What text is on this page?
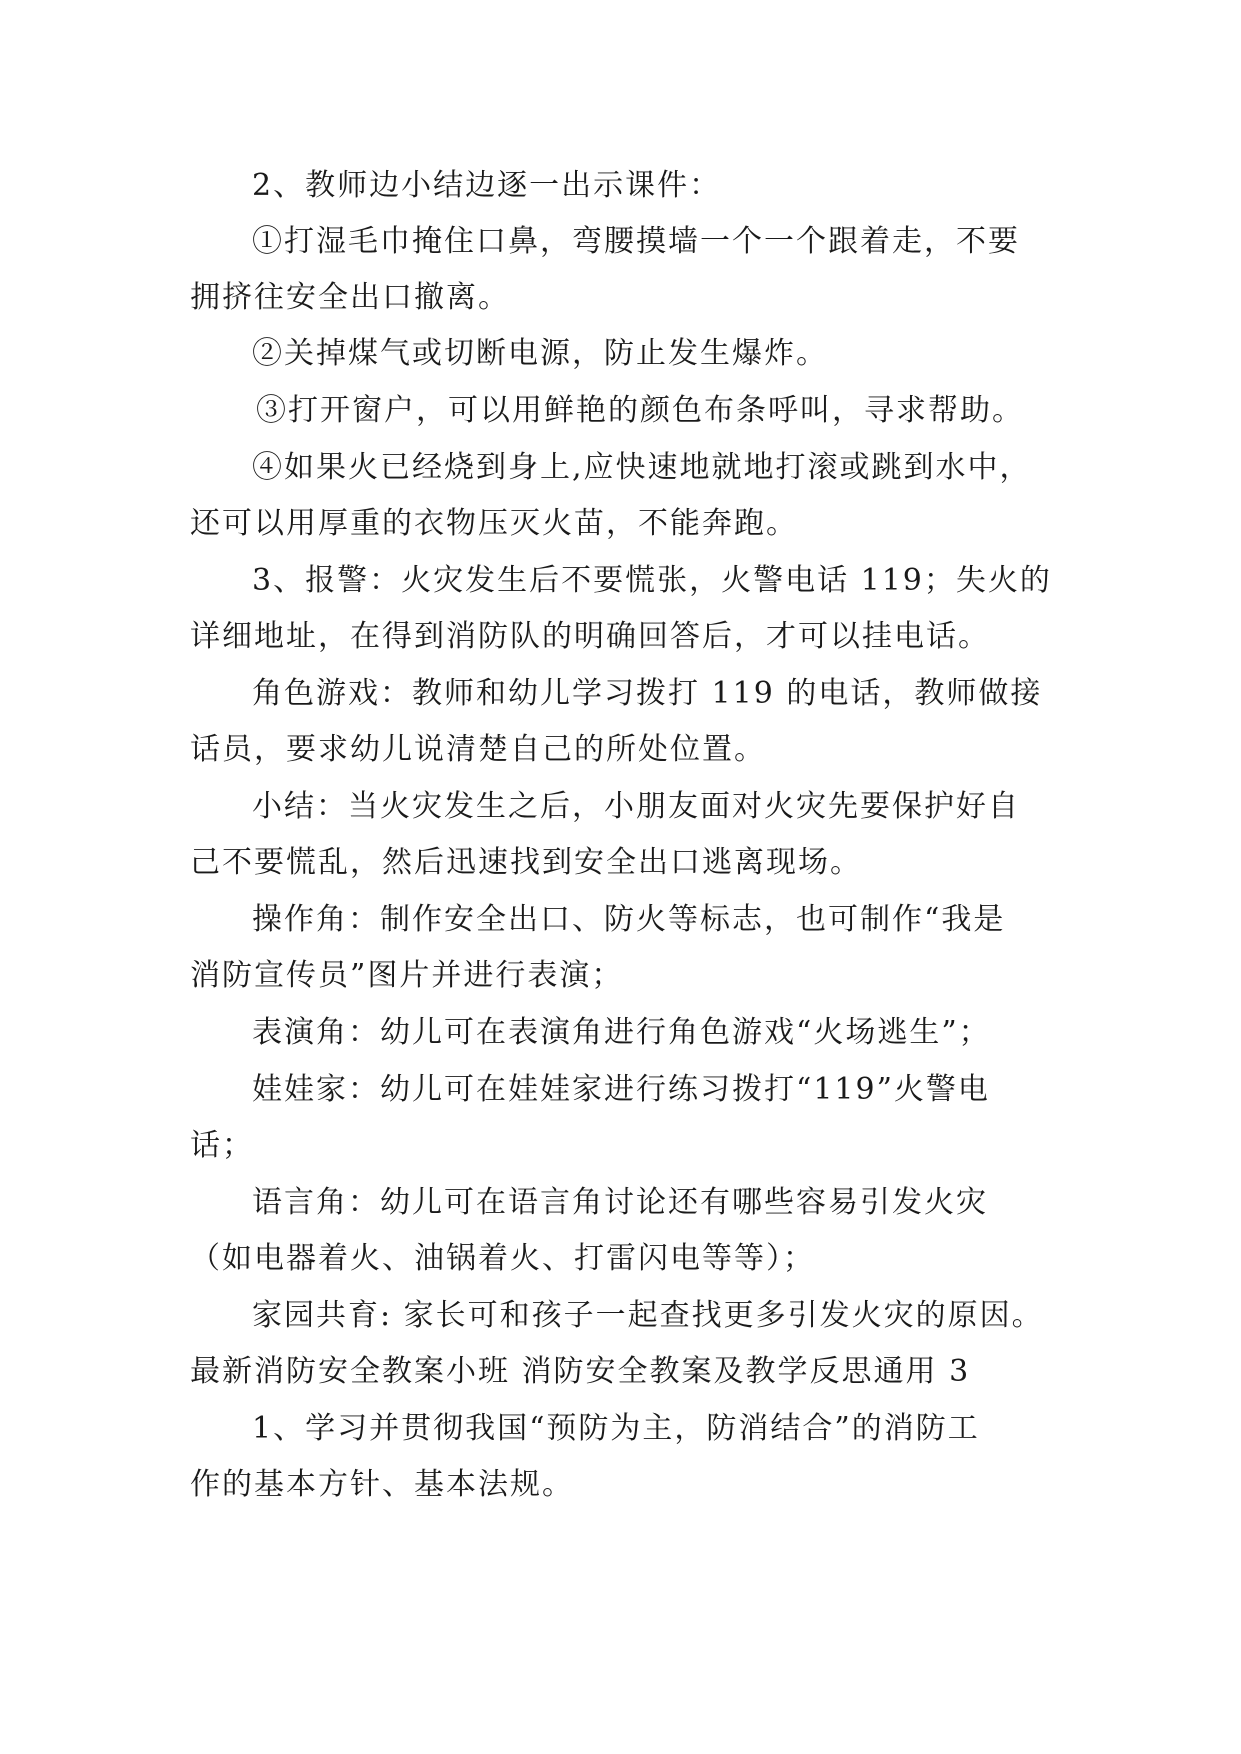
2、教师边小结边逐一出示课件：
①打湿毛巾掩住口鼻，弯腰摸墙一个一个跟着走，不要
拥挤往安全出口撤离。
②关掉煤气或切断电源，防止发生爆炸。
③打开窗户，可以用鲜艳的颜色布条呼叫，寻求帮助。
④如果火已经烧到身上,应快速地就地打滚或跳到水中，
还可以用厚重的衣物压灭火苗，不能奔跑。
3、报警：火灾发生后不要慌张，火警电话 119；失火的
详细地址，在得到消防队的明确回答后，才可以挂电话。
角色游戏：教师和幼儿学习拨打 119 的电话，教师做接
话员，要求幼儿说清楚自己的所处位置。
小结：当火灾发生之后，小朋友面对火灾先要保护好自
己不要慌乱，然后迅速找到安全出口逃离现场。
操作角：制作安全出口、防火等标志，也可制作“我是
消防宣传员”图片并进行表演；
表演角：幼儿可在表演角进行角色游戏“火场逃生”；
娃娃家：幼儿可在娃娃家进行练习拨打“119”火警电
话；
语言角：幼儿可在语言角讨论还有哪些容易引发火灾
（如电器着火、油锅着火、打雷闪电等等）；
家园共育: 家长可和孩子一起查找更多引发火灾的原因。
最新消防安全教案小班 消防安全教案及教学反思通用 3
1、学习并贯彻我国“预防为主，防消结合”的消防工
作的基本方针、基本法规。
